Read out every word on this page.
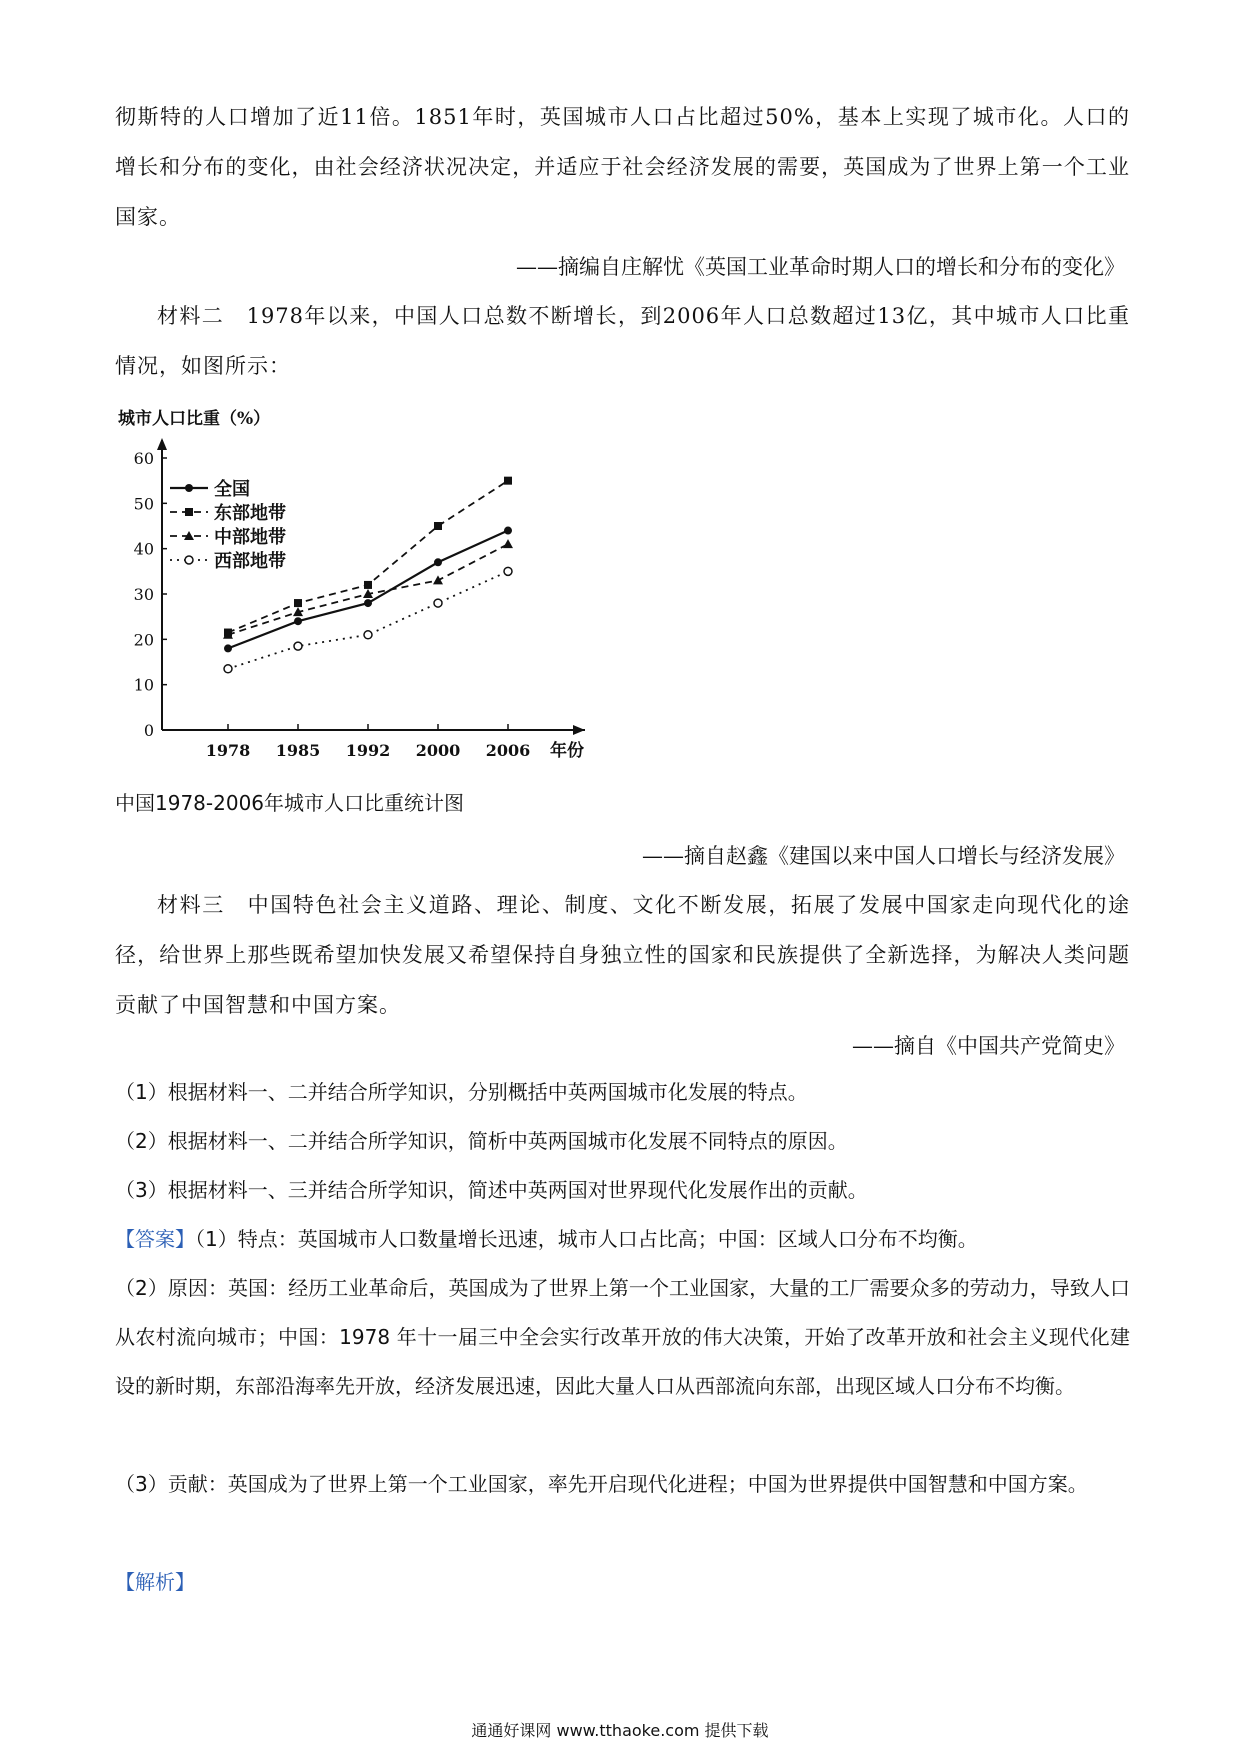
彻斯特的人口增加了近11倍。1851年时，英国城市人口占比超过50%，基本上实现了城市化。人口的增长和分布的变化，由社会经济状况决定，并适应于社会经济发展的需要，英国成为了世界上第一个工业国家。

——摘编自庄解忧《英国工业革命时期人口的增长和分布的变化》

材料二　1978年以来，中国人口总数不断增长，到2006年人口总数超过13亿，其中城市人口比重情况，如图所示：

城市人口比重（%）
0
10
20
30
40
50
60
1978 1985 1992 2000 2006 年份
全国
东部地带
中部地带
西部地带
中国1978-2006年城市人口比重统计图
——摘自赵鑫《建国以来中国人口增长与经济发展》

材料三　中国特色社会主义道路、理论、制度、文化不断发展，拓展了发展中国家走向现代化的途径，给世界上那些既希望加快发展又希望保持自身独立性的国家和民族提供了全新选择，为解决人类问题贡献了中国智慧和中国方案。

——摘自《中国共产党简史》

（1）根据材料一、二并结合所学知识，分别概括中英两国城市化发展的特点。

（2）根据材料一、二并结合所学知识，简析中英两国城市化发展不同特点的原因。

（3）根据材料一、三并结合所学知识，简述中英两国对世界现代化发展作出的贡献。

【答案】（1）特点：英国城市人口数量增长迅速，城市人口占比高；中国：区域人口分布不均衡。

（2）原因：英国：经历工业革命后，英国成为了世界上第一个工业国家，大量的工厂需要众多的劳动力，导致人口从农村流向城市；中国：1978 年十一届三中全会实行改革开放的伟大决策，开始了改革开放和社会主义现代化建设的新时期，东部沿海率先开放，经济发展迅速，因此大量人口从西部流向东部，出现区域人口分布不均衡。

（3）贡献：英国成为了世界上第一个工业国家，率先开启现代化进程；中国为世界提供中国智慧和中国方案。

【解析】

通通好课网 www.tthaoke.com 提供下载
